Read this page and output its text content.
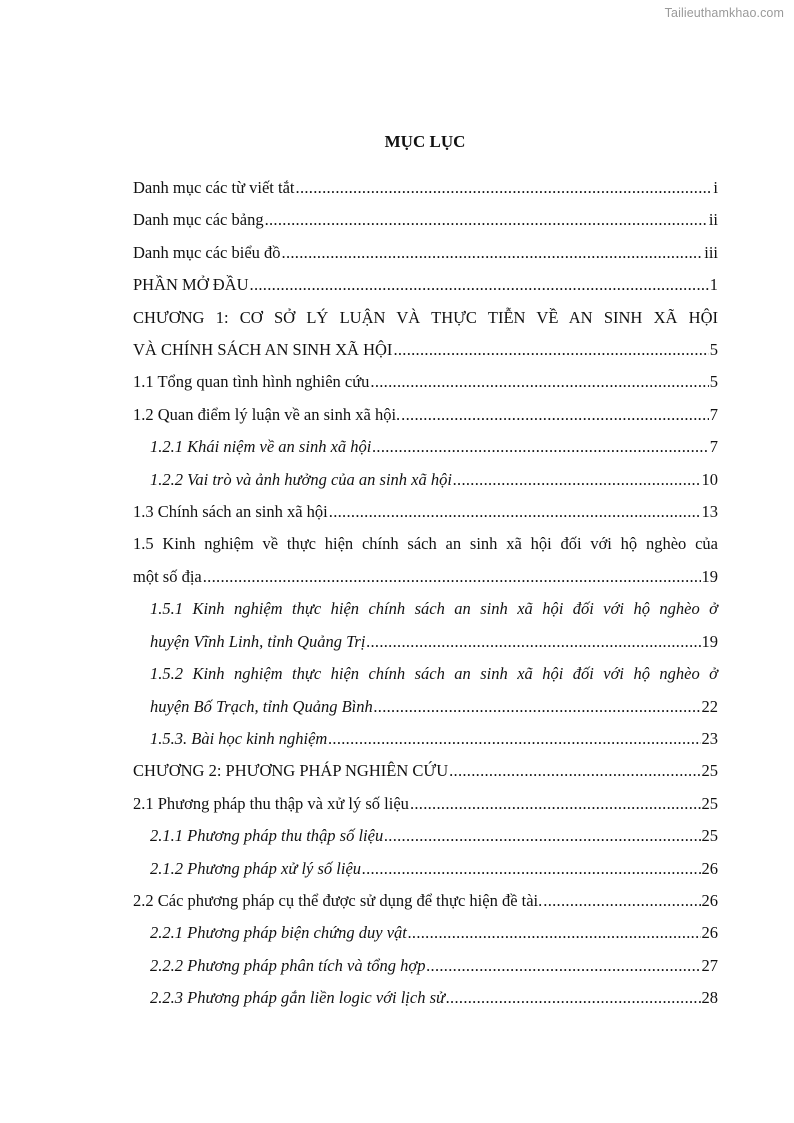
Tailieuthamkhao.com
MỤC LỤC
Danh mục các từ viết tắt .....	i
Danh mục các bảng .....	ii
Danh mục các biểu đồ .....	iii
PHẦN MỞ ĐẦU .....	1
CHƯƠNG 1: CƠ SỞ LÝ LUẬN VÀ THỰC TIỄN VỀ AN SINH XÃ HỘI
VÀ CHÍNH SÁCH AN SINH XÃ HỘI .....	5
1.1 Tổng quan tình hình nghiên cứu .....	5
1.2 Quan điểm lý luận về an sinh xã hội. .....	7
1.2.1 Khái niệm về an sinh xã hội .....	7
1.2.2 Vai trò và ảnh hưởng của an sinh xã hội .....	10
1.3 Chính sách an sinh xã hội .....	13
1.5 Kinh nghiệm về thực hiện chính sách an sinh xã hội đối với hộ nghèo của
một số địa .....	19
1.5.1 Kinh nghiệm thực hiện chính sách an sinh xã hội đối với hộ nghèo ở
huyện Vĩnh Linh, tỉnh Quảng Trị .....	19
1.5.2 Kinh nghiệm thực hiện chính sách an sinh xã hội đối với hộ nghèo ở
huyện Bố Trạch, tỉnh Quảng Bình .....	22
1.5.3. Bài học kinh nghiệm .....	23
CHƯƠNG 2: PHƯƠNG PHÁP NGHIÊN CỨU .....	25
2.1 Phương pháp thu thập và xử lý số liệu .....	25
2.1.1 Phương pháp thu thập số liệu .....	25
2.1.2 Phương pháp xử lý số liệu .....	26
2.2 Các phương pháp cụ thể được sử dụng để thực hiện đề tài. .....	26
2.2.1 Phương pháp biện chứng duy vật .....	26
2.2.2 Phương pháp phân tích và tổng hợp .....	27
2.2.3 Phương pháp gắn liền logic với lịch sử .....	28
